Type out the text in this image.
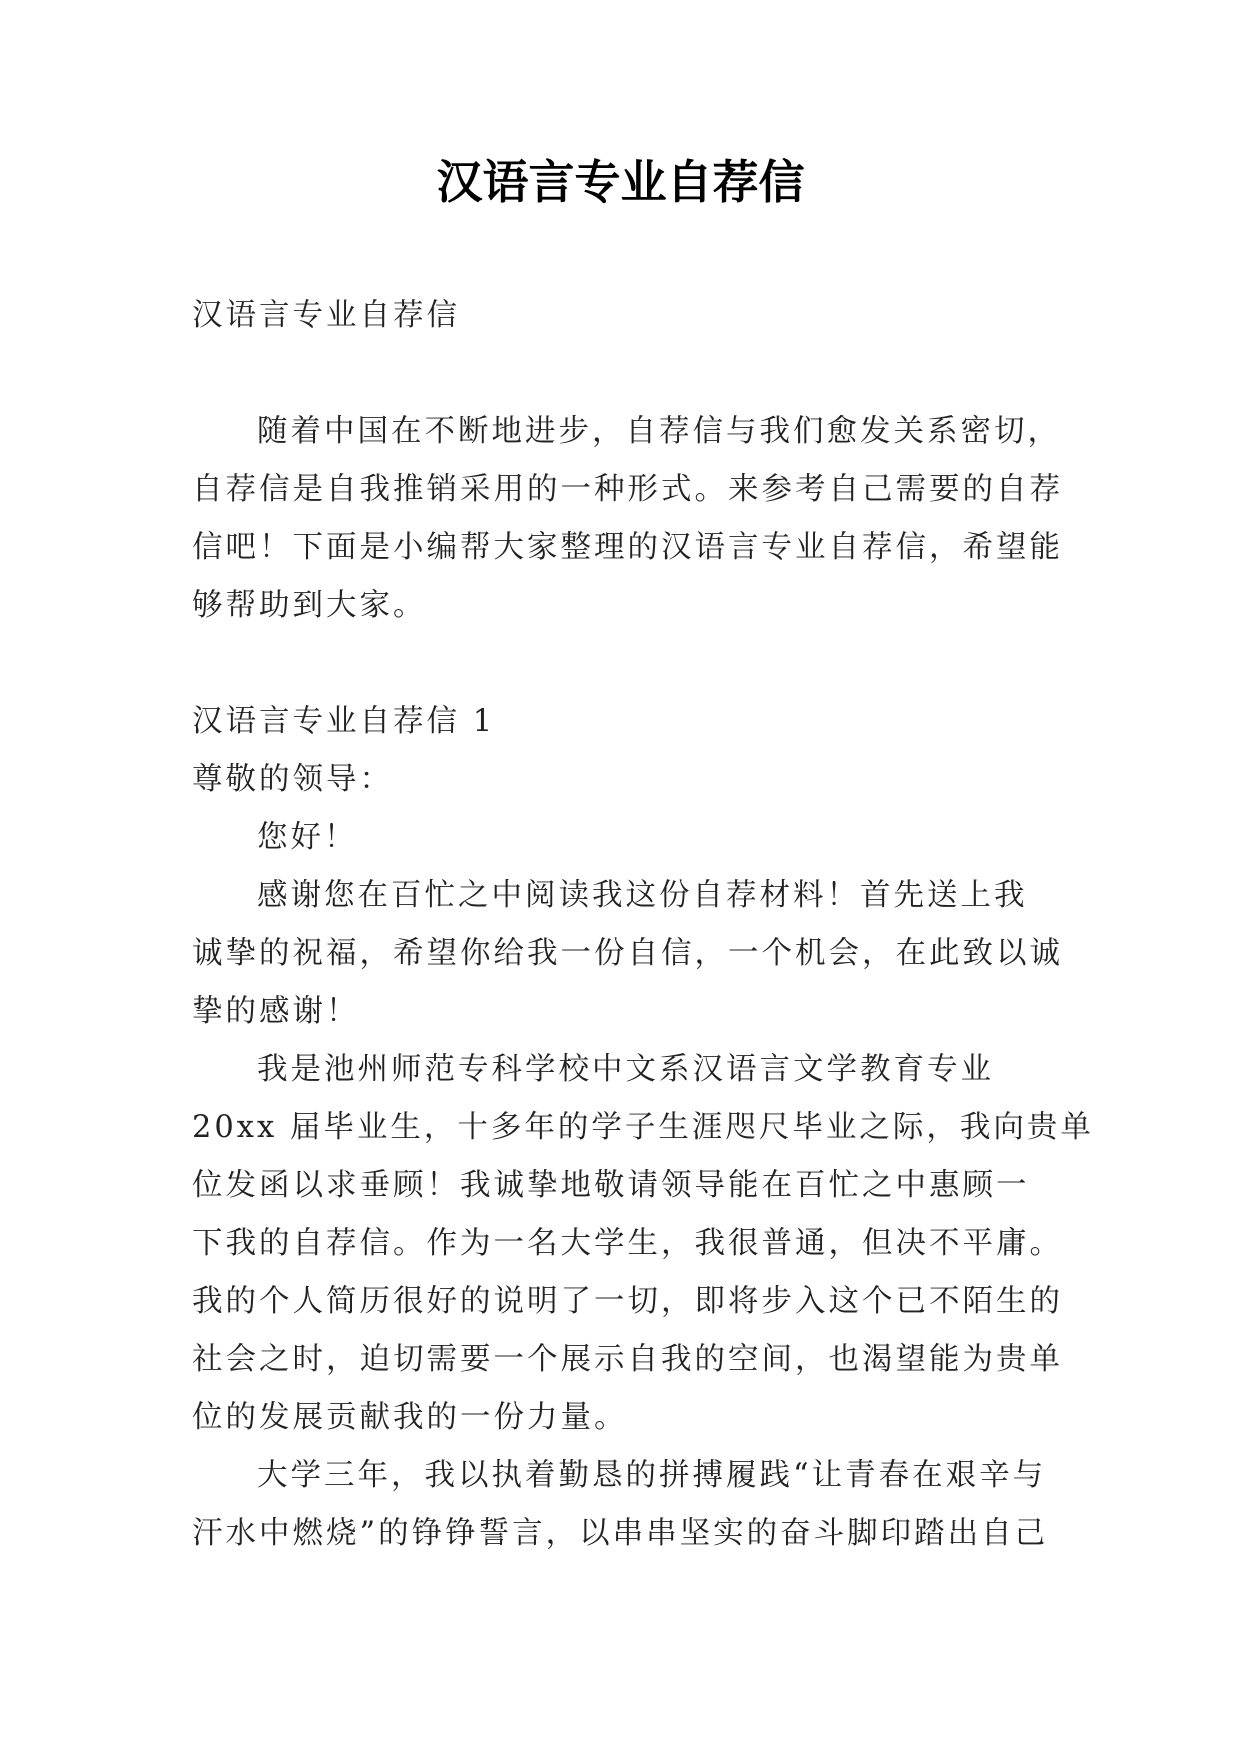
汉语言专业自荐信
汉语言专业自荐信
随着中国在不断地进步，自荐信与我们愈发关系密切，
自荐信是自我推销采用的一种形式。来参考自己需要的自荐
信吧！下面是小编帮大家整理的汉语言专业自荐信，希望能
够帮助到大家。
汉语言专业自荐信 1
尊敬的领导：
您好！
感谢您在百忙之中阅读我这份自荐材料！首先送上我
诚挚的祝福，希望你给我一份自信，一个机会，在此致以诚
挚的感谢！
我是池州师范专科学校中文系汉语言文学教育专业
20xx 届毕业生，十多年的学子生涯咫尺毕业之际，我向贵单
位发函以求垂顾！我诚挚地敬请领导能在百忙之中惠顾一
下我的自荐信。作为一名大学生，我很普通，但决不平庸。
我的个人简历很好的说明了一切，即将步入这个已不陌生的
社会之时，迫切需要一个展示自我的空间，也渴望能为贵单
位的发展贡献我的一份力量。
大学三年，我以执着勤恳的拼搏履践“让青春在艰辛与
汗水中燃烧”的铮铮誓言，以串串坚实的奋斗脚印踏出自己
